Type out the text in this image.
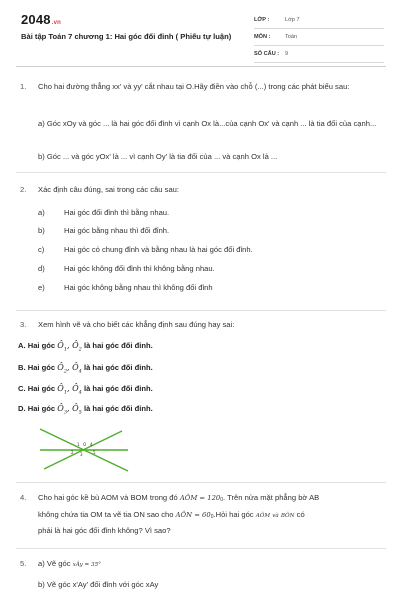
2048.vn
Bài tập Toán 7 chương 1: Hai góc đối đỉnh ( Phiếu tự luận)
LỚP :	Lớp 7
MÔN :	Toán
SỐ CÂU : 9
1. Cho hai đường thẳng xx' và yy' cắt nhau tại O.Hãy điền vào chỗ (...) trong các phát biểu sau:
a) Góc xOy và góc ... là hai góc đối đỉnh vì cạnh Ox là...của cạnh Ox' và cạnh ... là tia đối của cạnh...
b) Góc ... và góc yOx' là ... vì cạnh Oy' là tia đối của ... và cạnh Ox là ...
2. Xác định câu đúng, sai trong các câu sau:
a)	Hai góc đối đỉnh thì bằng nhau.
b)	Hai góc bằng nhau thì đối đỉnh.
c)	Hai góc có chung đỉnh và bằng nhau là hai góc đối đỉnh.
d)	Hai góc không đối đỉnh thì không bằng nhau.
e)	Hai góc không bằng nhau thì không đối đỉnh
3. Xem hình vẽ và cho biết các khẳng định sau đúng hay sai:
A. Hai góc $Ô_1$, $Ô_2$ là hai góc đối đỉnh.
B. Hai góc $Ô_2$, $Ô_4$ là hai góc đối đỉnh.
C. Hai góc $Ô_1$, $Ô_4$ là hai góc đối đỉnh.
D. Hai góc $Ô_3$, $Ô_5$ là hai góc đối đỉnh.
1 O 4
2 3	5
4. Cho hai góc kề bù AOM và BOM trong đó AÔM = $120_0$. Trên nửa mặt phẳng bờ AB
không chứa tia OM ta vẽ tia ON sao cho AÔN = $60_0.Hỏi$ hai góc AÔM và BÔN có
phải là hai góc đối đỉnh không? Vì sao?
5. a) Vẽ góc xÂy = 35°
b) Vẽ góc x'Ay' đối đỉnh với góc xAy
